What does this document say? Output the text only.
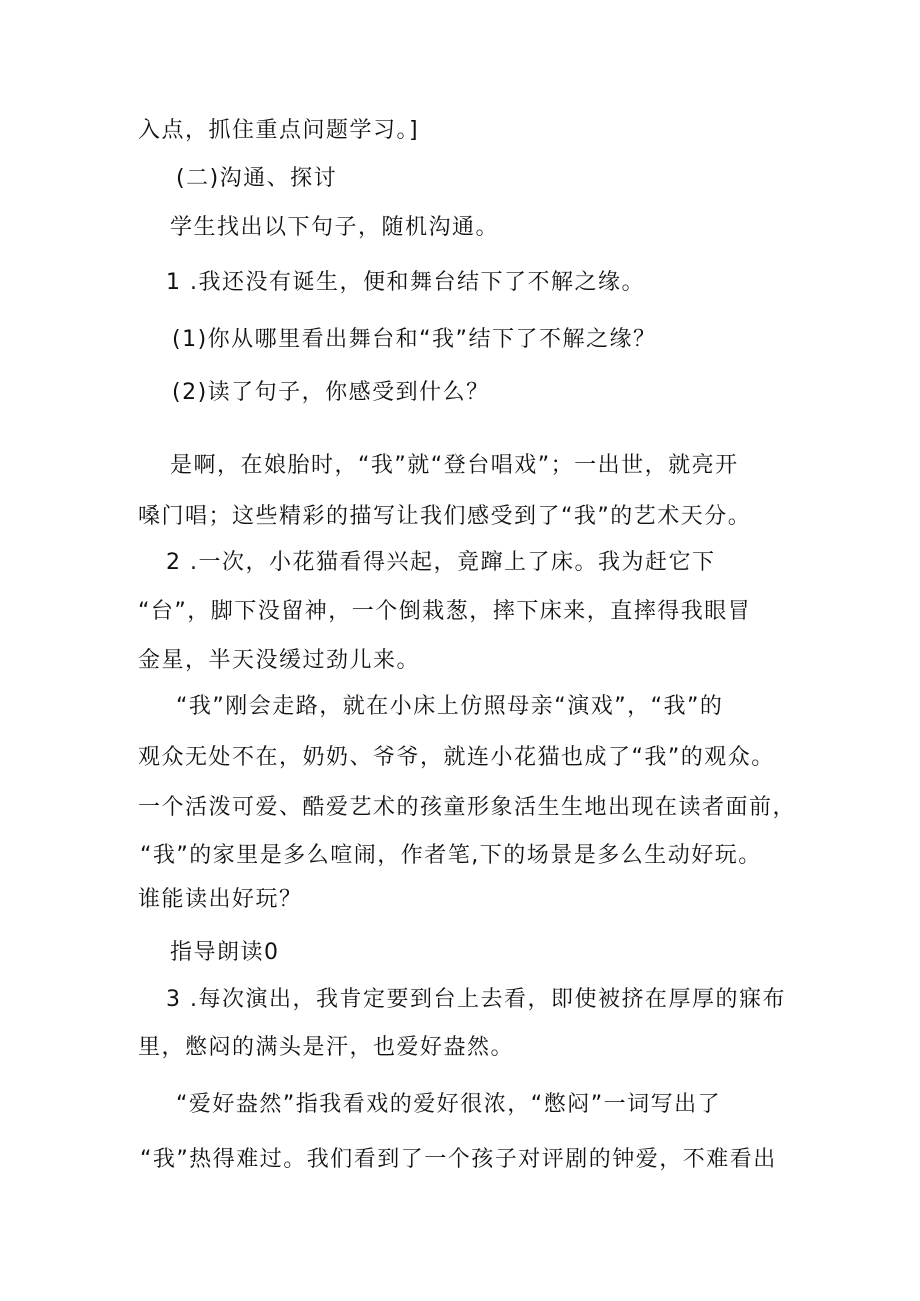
入点，抓住重点问题学习。]
(二)沟通、探讨
学生找出以下句子，随机沟通。
1 .我还没有诞生，便和舞台结下了不解之缘。
(1)你从哪里看出舞台和“我”结下了不解之缘？
(2)读了句子，你感受到什么？
是啊，在娘胎时，“我”就“登台唱戏”；一出世，就亮开
嗓门唱；这些精彩的描写让我们感受到了“我”的艺术天分。
2 .一次，小花猫看得兴起，竟蹿上了床。我为赶它下
“台”，脚下没留神，一个倒栽葱，摔下床来，直摔得我眼冒
金星，半天没缓过劲儿来。
“我”刚会走路，就在小床上仿照母亲“演戏”，“我”的
观众无处不在，奶奶、爷爷，就连小花猫也成了“我”的观众。
一个活泼可爱、酷爱艺术的孩童形象活生生地出现在读者面前，
“我”的家里是多么喧闹，作者笔,下的场景是多么生动好玩。
谁能读出好玩？
指导朗读0
3 .每次演出，我肯定要到台上去看，即使被挤在厚厚的寐布
里，憋闷的满头是汗，也爱好盎然。
“爱好盎然”指我看戏的爱好很浓，“憋闷”一词写出了
“我”热得难过。我们看到了一个孩子对评剧的钟爱，不难看出
